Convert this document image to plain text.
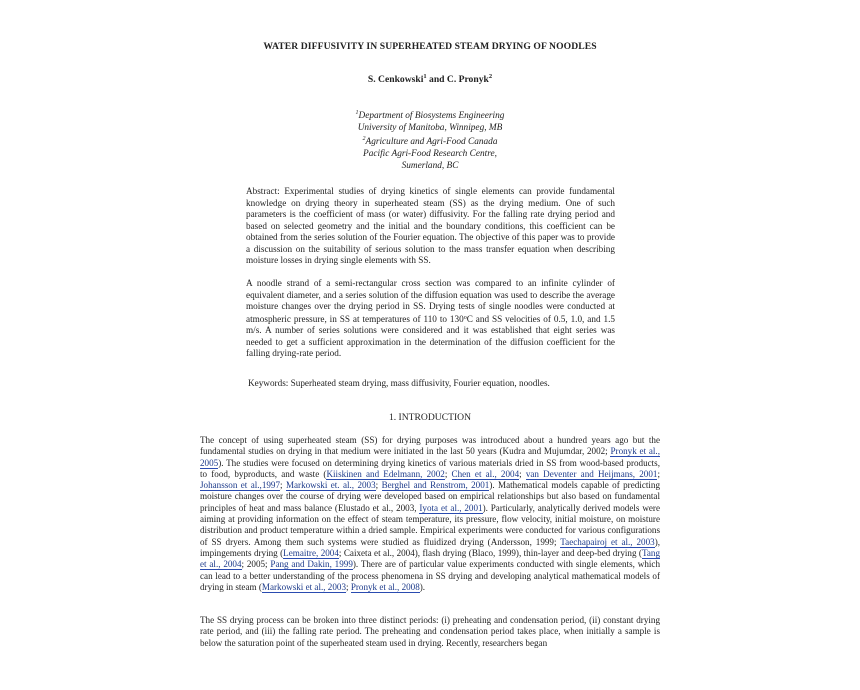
WATER DIFFUSIVITY IN SUPERHEATED STEAM DRYING OF NOODLES
S. Cenkowski$^1$ and C. Pronyk$^2$
$^1$Department of Biosystems Engineering
University of Manitoba, Winnipeg, MB
$^2$Agriculture and Agri-Food Canada
Pacific Agri-Food Research Centre,
Sumerland, BC
Abstract: Experimental studies of drying kinetics of single elements can provide fundamental knowledge on drying theory in superheated steam (SS) as the drying medium. One of such parameters is the coefficient of mass (or water) diffusivity. For the falling rate drying period and based on selected geometry and the initial and the boundary conditions, this coefficient can be obtained from the series solution of the Fourier equation. The objective of this paper was to provide a discussion on the suitability of serious solution to the mass transfer equation when describing moisture losses in drying single elements with SS.
A noodle strand of a semi-rectangular cross section was compared to an infinite cylinder of equivalent diameter, and a series solution of the diffusion equation was used to describe the average moisture changes over the drying period in SS. Drying tests of single noodles were conducted at atmospheric pressure, in SS at temperatures of 110 to 130$^o$C and SS velocities of 0.5, 1.0, and 1.5 m/s. A number of series solutions were considered and it was established that eight series was needed to get a sufficient approximation in the determination of the diffusion coefficient for the falling drying-rate period.
Keywords: Superheated steam drying, mass diffusivity, Fourier equation, noodles.
1. INTRODUCTION
The concept of using superheated steam (SS) for drying purposes was introduced about a hundred years ago but the fundamental studies on drying in that medium were initiated in the last 50 years (Kudra and Mujumdar, 2002; Pronyk et al., 2005). The studies were focused on determining drying kinetics of various materials dried in SS from wood-based products, to food, byproducts, and waste (Kiiskinen and Edelmann, 2002; Chen et al., 2004; van Deventer and Heijmans, 2001; Johansson et al.,1997; Markowski et. al., 2003; Berghel and Renstrom, 2001). Mathematical models capable of predicting moisture changes over the course of drying were developed based on empirical relationships but also based on fundamental principles of heat and mass balance (Elustado et al., 2003, Iyota et al., 2001). Particularly, analytically derived models were aiming at providing information on the effect of steam temperature, its pressure, flow velocity, initial moisture, on moisture distribution and product temperature within a dried sample. Empirical experiments were conducted for various configurations of SS dryers. Among them such systems were studied as fluidized drying (Andersson, 1999; Taechapairoj et al., 2003), impingements drying (Lemaitre, 2004; Caixeta et al., 2004), flash drying (Blaco, 1999), thin-layer and deep-bed drying (Tang et al., 2004; 2005; Pang and Dakin, 1999). There are of particular value experiments conducted with single elements, which can lead to a better understanding of the process phenomena in SS drying and developing analytical mathematical models of drying in steam (Markowski et al., 2003; Pronyk et al., 2008).
The SS drying process can be broken into three distinct periods: (i) preheating and condensation period, (ii) constant drying rate period, and (iii) the falling rate period. The preheating and condensation period takes place, when initially a sample is below the saturation point of the superheated steam used in drying. Recently, researchers began
